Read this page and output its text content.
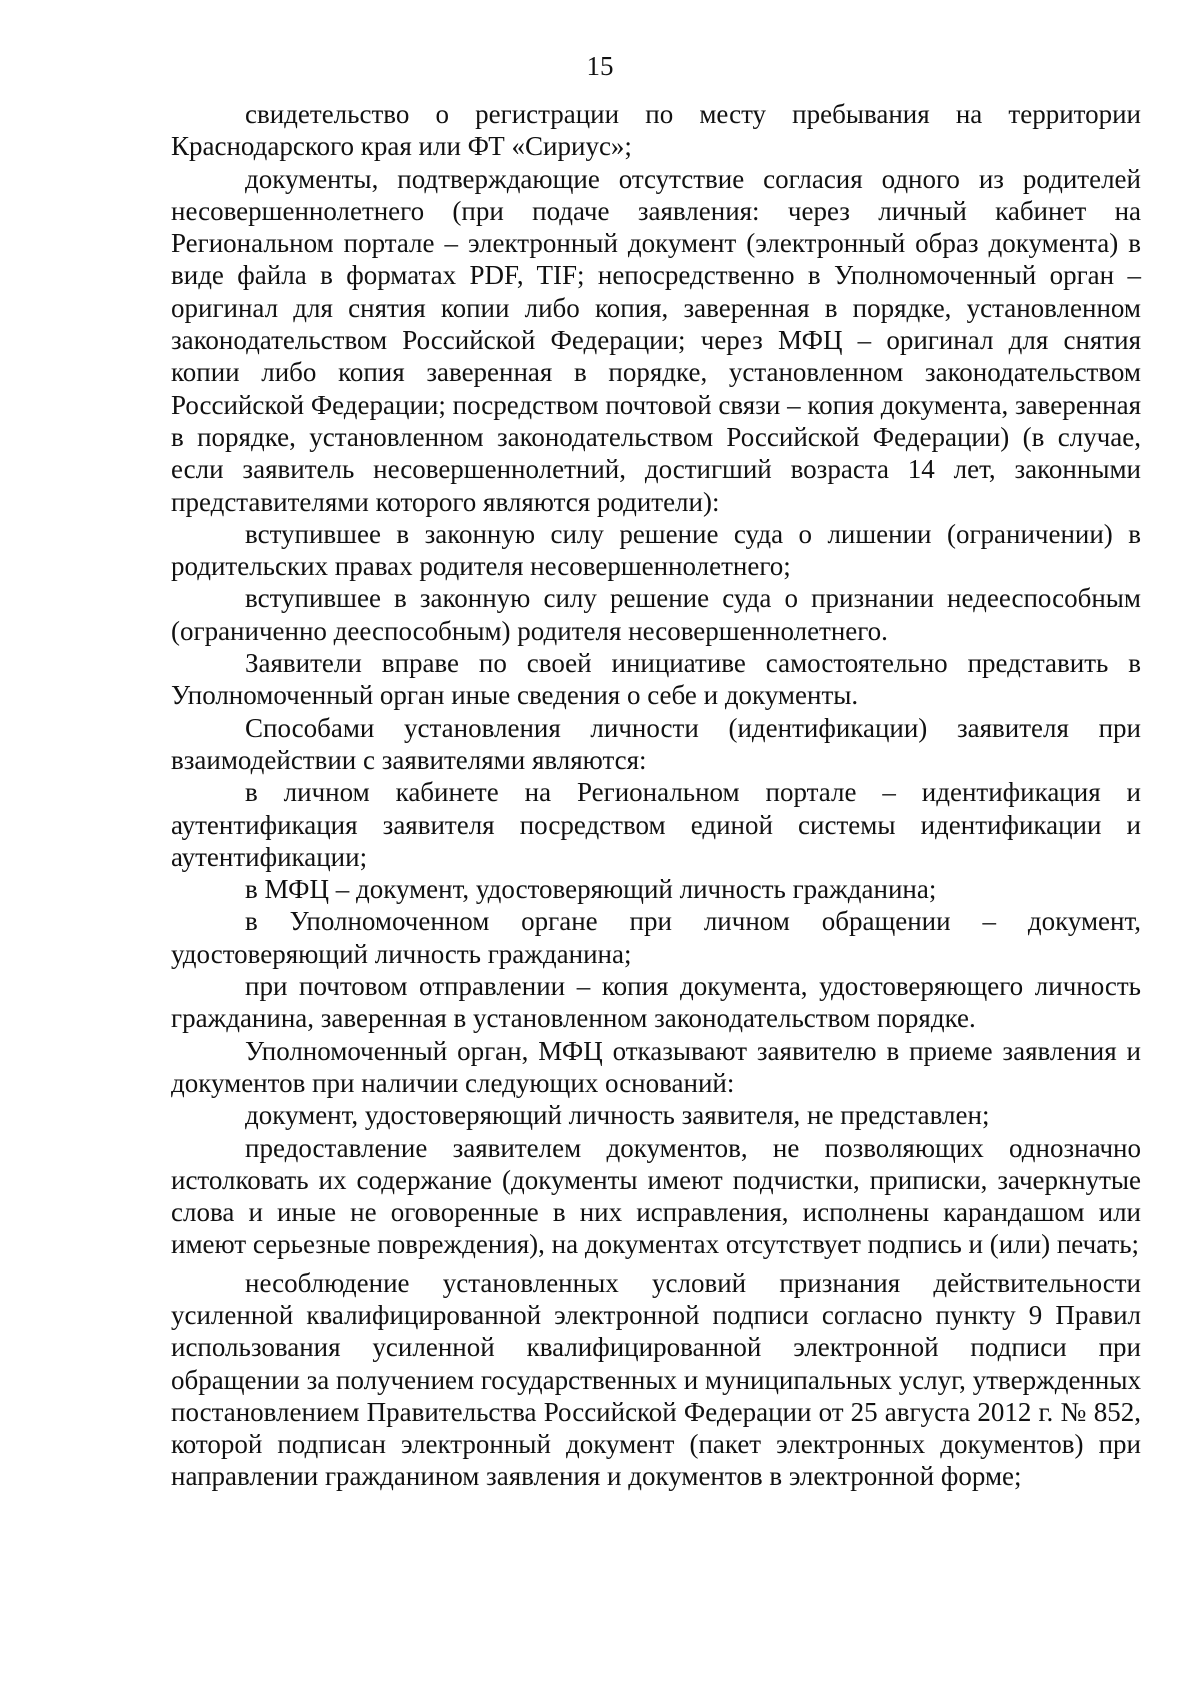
15

свидетельство о регистрации по месту пребывания на территории Краснодарского края или ФТ «Сириус»;

документы, подтверждающие отсутствие согласия одного из родителей несовершеннолетнего (при подаче заявления: через личный кабинет на Региональном портале – электронный документ (электронный образ документа) в виде файла в форматах PDF, TIF; непосредственно в Уполномоченный орган – оригинал для снятия копии либо копия, заверенная в порядке, установленном законодательством Российской Федерации; через МФЦ – оригинал для снятия копии либо копия заверенная в порядке, установленном законодательством Российской Федерации; посредством почтовой связи – копия документа, заверенная в порядке, установленном законодательством Российской Федерации) (в случае, если заявитель несовершеннолетний, достигший возраста 14 лет, законными представителями которого являются родители):

вступившее в законную силу решение суда о лишении (ограничении) в родительских правах родителя несовершеннолетнего;

вступившее в законную силу решение суда о признании недееспособным (ограниченно дееспособным) родителя несовершеннолетнего.

Заявители вправе по своей инициативе самостоятельно представить в Уполномоченный орган иные сведения о себе и документы.

Способами установления личности (идентификации) заявителя при взаимодействии с заявителями являются:

в личном кабинете на Региональном портале – идентификация и аутентификация заявителя посредством единой системы идентификации и аутентификации;

в МФЦ – документ, удостоверяющий личность гражданина;

в Уполномоченном органе при личном обращении – документ, удостоверяющий личность гражданина;

при почтовом отправлении – копия документа, удостоверяющего личность гражданина, заверенная в установленном законодательством порядке.

Уполномоченный орган, МФЦ отказывают заявителю в приеме заявления и документов при наличии следующих оснований:

документ, удостоверяющий личность заявителя, не представлен;

предоставление заявителем документов, не позволяющих однозначно истолковать их содержание (документы имеют подчистки, приписки, зачеркнутые слова и иные не оговоренные в них исправления, исполнены карандашом или имеют серьезные повреждения), на документах отсутствует подпись и (или) печать;

несоблюдение установленных условий признания действительности усиленной квалифицированной электронной подписи согласно пункту 9 Правил использования усиленной квалифицированной электронной подписи при обращении за получением государственных и муниципальных услуг, утвержденных постановлением Правительства Российской Федерации от 25 августа 2012 г. № 852, которой подписан электронный документ (пакет электронных документов) при направлении гражданином заявления и документов в электронной форме;
